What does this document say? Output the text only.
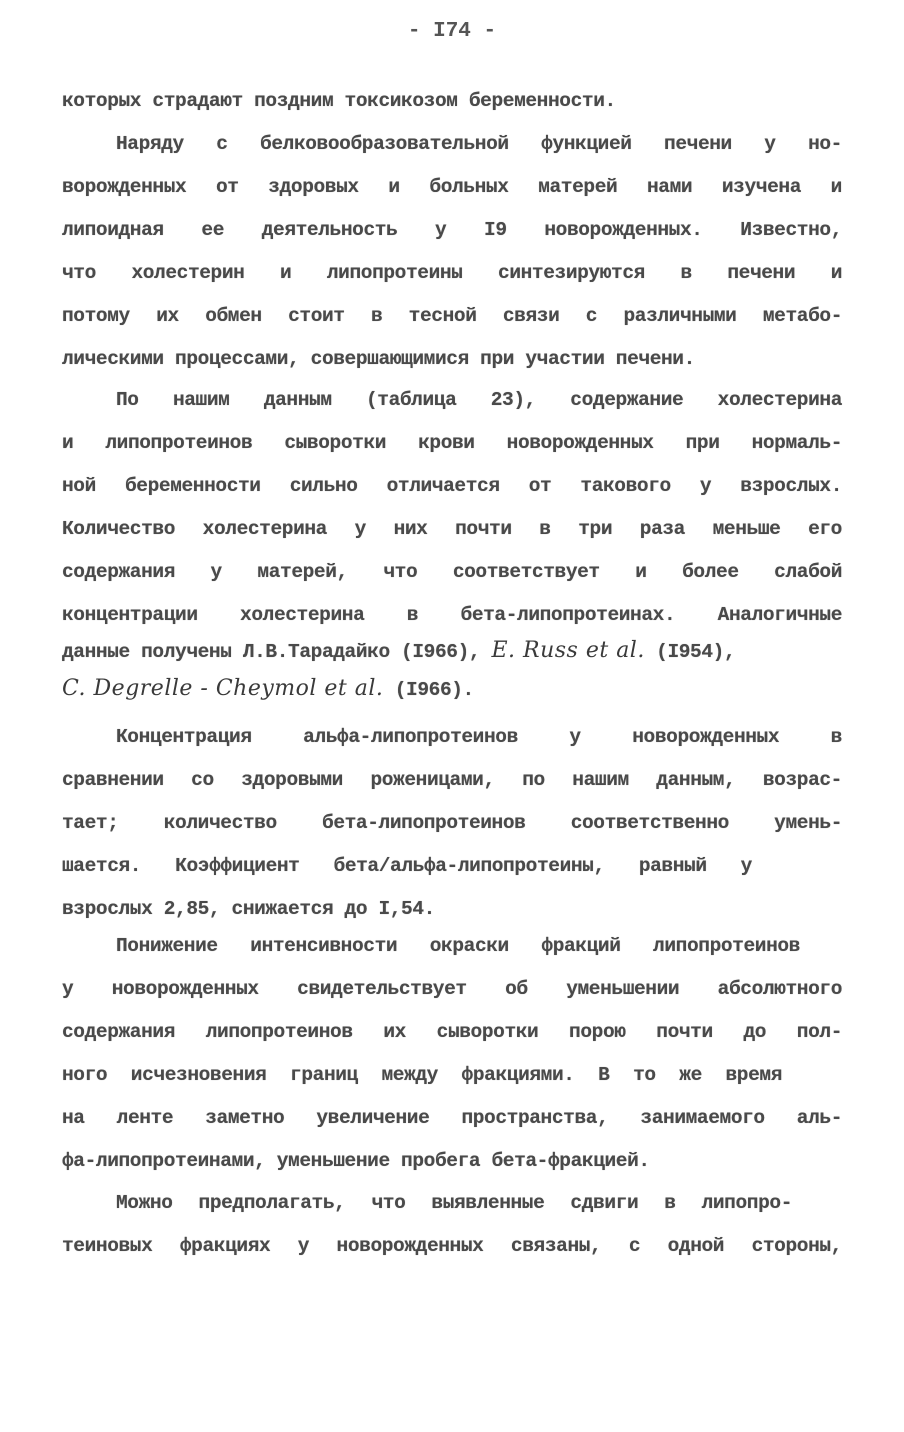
- I74 -
которых страдают поздним токсикозом беременности.
Наряду с белковообразовательной функцией печени у но-
ворожденных от здоровых и больных матерей нами изучена и
липоидная ее деятельность у I9 новорожденных. Известно,
что холестерин и липопротеины синтезируются в печени и
потому их обмен стоит в тесной связи с различными метабо-
лическими процессами, совершающимися при участии печени.
По нашим данным (таблица 23), содержание холестерина
и липопротеинов сыворотки крови новорожденных при нормаль-
ной беременности сильно отличается от такового у взрослых.
Количество холестерина у них почти в три раза меньше его
содержания у матерей, что соответствует и более слабой
концентрации холестерина в бета-липопротеинах. Аналогичные
данные получены Л.В.Тарадайко (I966), E. Russ et al. (I954),
C. Degrelle - Cheymol et al. (I966).
Концентрация альфа-липопротеинов у новорожденных в
сравнении со здоровыми роженицами, по нашим данным, возрас-
тает; количество бета-липопротеинов соответственно умень-
шается. Коэффициент бета/альфа-липопротеины, равный у
взрослых 2,85, снижается до I,54.
Понижение интенсивности окраски фракций липопротеинов
у новорожденных свидетельствует об уменьшении абсолютного
содержания липопротеинов их сыворотки порою почти до пол-
ного исчезновения границ между фракциями. В то же время
на ленте заметно увеличение пространства, занимаемого аль-
фа-липопротеинами, уменьшение пробега бета-фракцией.
Можно предполагать, что выявленные сдвиги в липопро-
теиновых фракциях у новорожденных связаны, с одной стороны,
